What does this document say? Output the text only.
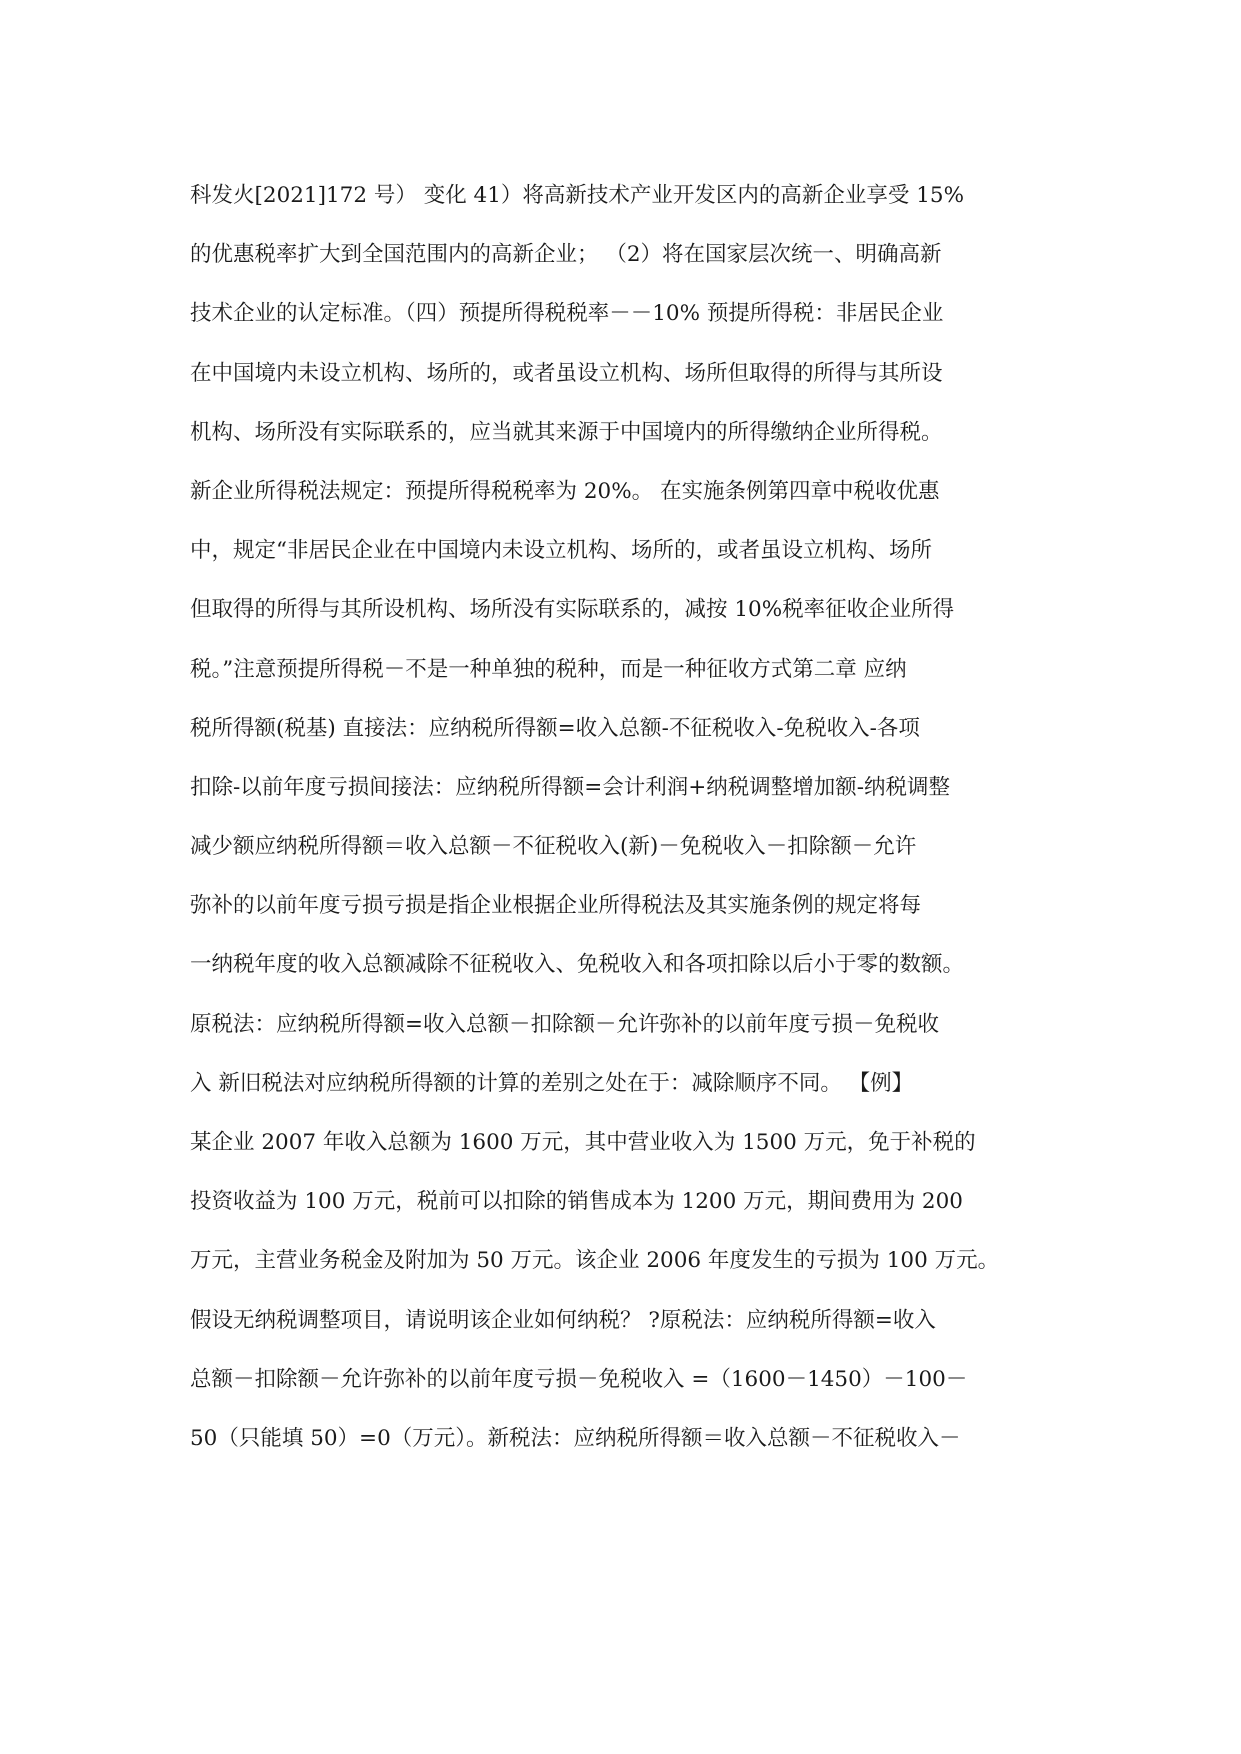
科发火[2021]172 号） 变化 41）将高新技术产业开发区内的高新企业享受 15%
的优惠税率扩大到全国范围内的高新企业； （2）将在国家层次统一、明确高新
技术企业的认定标准。（四）预提所得税税率－－10% 预提所得税：非居民企业
在中国境内未设立机构、场所的，或者虽设立机构、场所但取得的所得与其所设
机构、场所没有实际联系的，应当就其来源于中国境内的所得缴纳企业所得税。
新企业所得税法规定：预提所得税税率为 20%。 在实施条例第四章中税收优惠
中，规定“非居民企业在中国境内未设立机构、场所的，或者虽设立机构、场所
但取得的所得与其所设机构、场所没有实际联系的，减按 10%税率征收企业所得
税。”注意预提所得税－不是一种单独的税种，而是一种征收方式第二章 应纳
税所得额(税基) 直接法：应纳税所得额=收入总额-不征税收入-免税收入-各项
扣除-以前年度亏损间接法：应纳税所得额=会计利润+纳税调整增加额-纳税调整
减少额应纳税所得额＝收入总额－不征税收入(新)－免税收入－扣除额－允许
弥补的以前年度亏损亏损是指企业根据企业所得税法及其实施条例的规定将每
一纳税年度的收入总额减除不征税收入、免税收入和各项扣除以后小于零的数额。
原税法：应纳税所得额=收入总额－扣除额－允许弥补的以前年度亏损－免税收
入 新旧税法对应纳税所得额的计算的差别之处在于：减除顺序不同。 【例】
某企业 2007 年收入总额为 1600 万元，其中营业收入为 1500 万元，免于补税的
投资收益为 100 万元，税前可以扣除的销售成本为 1200 万元，期间费用为 200
万元，主营业务税金及附加为 50 万元。该企业 2006 年度发生的亏损为 100 万元。
假设无纳税调整项目，请说明该企业如何纳税？ ?原税法：应纳税所得额=收入
总额－扣除额－允许弥补的以前年度亏损－免税收入 =（1600－1450）－100－
50（只能填 50）=0（万元）。新税法：应纳税所得额＝收入总额－不征税收入－
